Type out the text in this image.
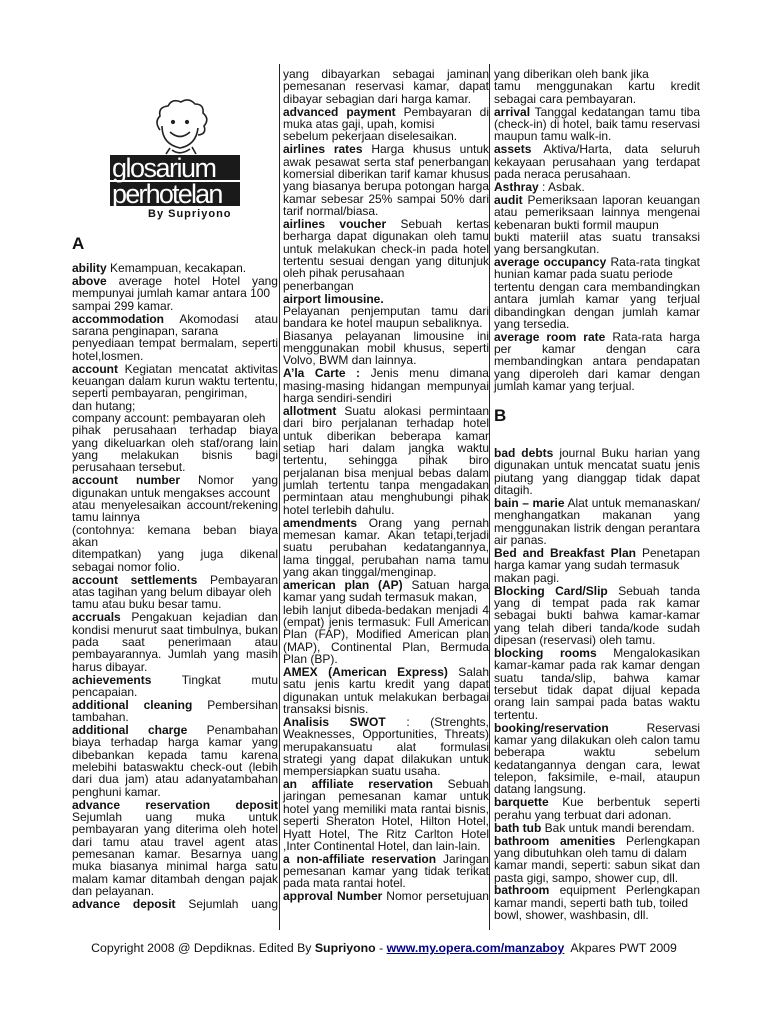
glosarium
perhotelan
By Supriyono
A
B
ability Kemampuan, kecakapan.
above average hotel Hotel yang mempunyai jumlah kamar antara 100
sampai 299 kamar.
accommodation Akomodasi atau sarana penginapan, sarana
penyediaan tempat bermalam, seperti hotel,losmen.
account Kegiatan mencatat aktivitas keuangan dalam kurun waktu tertentu, seperti pembayaran, pengiriman,
dan hutang;
company account: pembayaran oleh
pihak perusahaan terhadap biaya yang dikeluarkan oleh staf/orang lain yang melakukan bisnis bagi perusahaan tersebut.
account number Nomor yang digunakan untuk mengakses account
atau menyelesaikan account/rekening tamu lainnya
(contohnya: kemana beban biaya akan
ditempatkan) yang juga dikenal sebagai nomor folio.
account settlements Pembayaran atas tagihan yang belum dibayar oleh
tamu atau buku besar tamu.
accruals Pengakuan kejadian dan kondisi menurut saat timbulnya, bukan pada saat penerimaan atau pembayarannya. Jumlah yang masih harus dibayar.
achievements	Tingkat mutu pencapaian.
additional cleaning Pembersihan tambahan.
additional charge Penambahan biaya terhadap harga kamar yang dibebankan kepada tamu karena melebihi bataswaktu check-out (lebih dari dua jam) atau adanyatambahan penghuni kamar.
advance reservation deposit Sejumlah uang muka untuk pembayaran yang diterima oleh hotel dari tamu atau travel agent atas pemesanan kamar. Besarnya uang muka biasanya minimal harga satu malam kamar ditambah dengan pajak dan pelayanan.
advance deposit Sejumlah uang
yang dibayarkan sebagai jaminan pemesanan reservasi kamar, dapat dibayar sebagian dari harga kamar.
advanced payment Pembayaran di muka atas gaji, upah, komisi
sebelum pekerjaan diselesaikan.
airlines rates Harga khusus untuk awak pesawat serta staf penerbangan komersial diberikan tarif kamar khusus yang biasanya berupa potongan harga kamar sebesar 25% sampai 50% dari tarif normal/biasa.
airlines voucher Sebuah kertas berharga dapat digunakan oleh tamu untuk melakukan check-in pada hotel tertentu sesuai dengan yang ditunjuk oleh pihak perusahaan
penerbangan
airport limousine.
Pelayanan penjemputan tamu dari bandara ke hotel maupun sebaliknya.
Biasanya pelayanan limousine ini menggunakan mobil khusus, seperti Volvo, BWM dan lainnya.
A’la Carte : Jenis menu dimana masing-masing hidangan mempunyai harga sendiri-sendiri
allotment Suatu alokasi permintaan dari biro perjalanan terhadap hotel untuk diberikan beberapa kamar setiap hari dalam jangka waktu tertentu, sehingga pihak biro perjalanan bisa menjual bebas dalam jumlah tertentu tanpa mengadakan permintaan atau menghubungi pihak hotel terlebih dahulu.
amendments Orang yang pernah memesan kamar. Akan tetapi,terjadi suatu perubahan kedatangannya, lama tinggal, perubahan nama tamu yang akan tinggal/menginap.
american plan (AP) Satuan harga kamar yang sudah termasuk makan,
lebih lanjut dibeda-bedakan menjadi 4 (empat) jenis termasuk: Full American Plan (FAP), Modified American plan (MAP), Continental Plan, Bermuda Plan (BP).
AMEX (American Express) Salah satu jenis kartu kredit yang dapat digunakan untuk melakukan berbagai transaksi bisnis.
Analisis SWOT : (Strenghts, Weaknesses, Opportunities, Threats) merupakansuatu alat formulasi strategi yang dapat dilakukan untuk mempersiapkan suatu usaha.
an affiliate reservation Sebuah jaringan pemesanan kamar untuk hotel yang memiliki mata rantai bisnis, seperti Sheraton Hotel, Hilton Hotel, Hyatt Hotel, The Ritz Carlton Hotel ,Inter Continental Hotel, dan lain-lain.
a non-affiliate reservation Jaringan pemesanan kamar yang tidak terikat pada mata rantai hotel.
approval Number Nomor persetujuan
yang diberikan oleh bank jika
tamu menggunakan kartu kredit sebagai cara pembayaran.
arrival Tanggal kedatangan tamu tiba (check-in) di hotel, baik tamu reservasi maupun tamu walk-in.
assets Aktiva/Harta, data seluruh kekayaan perusahaan yang terdapat pada neraca perusahaan.
Asthray : Asbak.
audit Pemeriksaan laporan keuangan atau pemeriksaan lainnya mengenai kebenaran bukti formil maupun
bukti materiil atas suatu transaksi yang bersangkutan.
average occupancy Rata-rata tingkat hunian kamar pada suatu periode
tertentu dengan cara membandingkan antara jumlah kamar yang terjual dibandingkan dengan jumlah kamar yang tersedia.
average room rate Rata-rata harga per kamar dengan cara membandingkan antara pendapatan yang diperoleh dari kamar dengan jumlah kamar yang terjual.
bad debts journal Buku harian yang digunakan untuk mencatat suatu jenis piutang yang dianggap tidak dapat ditagih.
bain – marie Alat untuk memanaskan/ menghangatkan makanan yang menggunakan listrik dengan perantara air panas.
Bed and Breakfast Plan Penetapan harga kamar yang sudah termasuk
makan pagi.
Blocking Card/Slip Sebuah tanda yang di tempat pada rak kamar sebagai bukti bahwa kamar-kamar yang telah diberi tanda/kode sudah dipesan (reservasi) oleh tamu.
blocking rooms Mengalokasikan kamar-kamar pada rak kamar dengan suatu tanda/slip, bahwa kamar tersebut tidak dapat dijual kepada orang lain sampai pada batas waktu tertentu.
booking/reservation	Reservasi kamar yang dilakukan oleh calon tamu beberapa waktu sebelum kedatangannya dengan cara, lewat telepon, faksimile, e-mail, ataupun datang langsung.
barquette Kue berbentuk seperti perahu yang terbuat dari adonan.
bath tub Bak untuk mandi berendam.
bathroom amenities Perlengkapan yang dibutuhkan oleh tamu di dalam
kamar mandi, seperti: sabun sikat dan pasta gigi, sampo, shower cup, dll.
bathroom equipment Perlengkapan kamar mandi, seperti bath tub, toiled
bowl, shower, washbasin, dll.
Copyright 2008 @ Depdiknas. Edited By Supriyono - www.my.opera.com/manzaboy  Akpares PWT 2009
